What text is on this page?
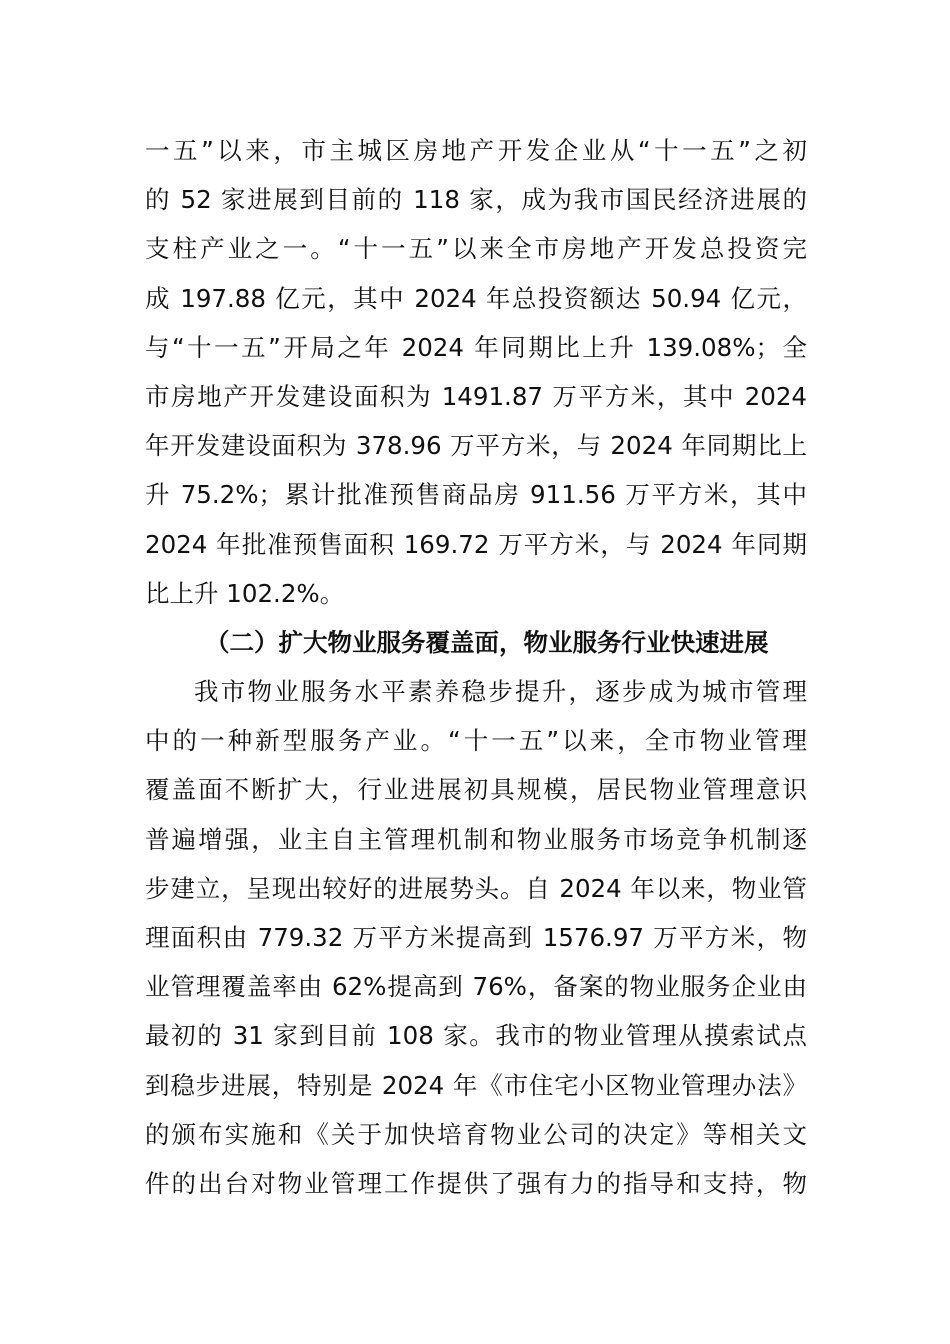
一五”以来，市主城区房地产开发企业从“十一五”之初
的 52 家进展到目前的 118 家，成为我市国民经济进展的
支柱产业之一。“十一五”以来全市房地产开发总投资完
成 197.88 亿元，其中 2024 年总投资额达 50.94 亿元，
与“十一五”开局之年 2024 年同期比上升 139.08%；全
市房地产开发建设面积为 1491.87 万平方米，其中 2024
年开发建设面积为 378.96 万平方米，与 2024 年同期比上
升 75.2%；累计批准预售商品房 911.56 万平方米，其中
2024 年批准预售面积 169.72 万平方米，与 2024 年同期
比上升 102.2%。
（二）扩大物业服务覆盖面，物业服务行业快速进展
我市物业服务水平素养稳步提升，逐步成为城市管理
中的一种新型服务产业。“十一五”以来，全市物业管理
覆盖面不断扩大，行业进展初具规模，居民物业管理意识
普遍增强，业主自主管理机制和物业服务市场竞争机制逐
步建立，呈现出较好的进展势头。自 2024 年以来，物业管
理面积由 779.32 万平方米提高到 1576.97 万平方米，物
业管理覆盖率由 62%提高到 76%，备案的物业服务企业由
最初的 31 家到目前 108 家。我市的物业管理从摸索试点
到稳步进展，特别是 2024 年《市住宅小区物业管理办法》
的颁布实施和《关于加快培育物业公司的决定》等相关文
件的出台对物业管理工作提供了强有力的指导和支持，物
